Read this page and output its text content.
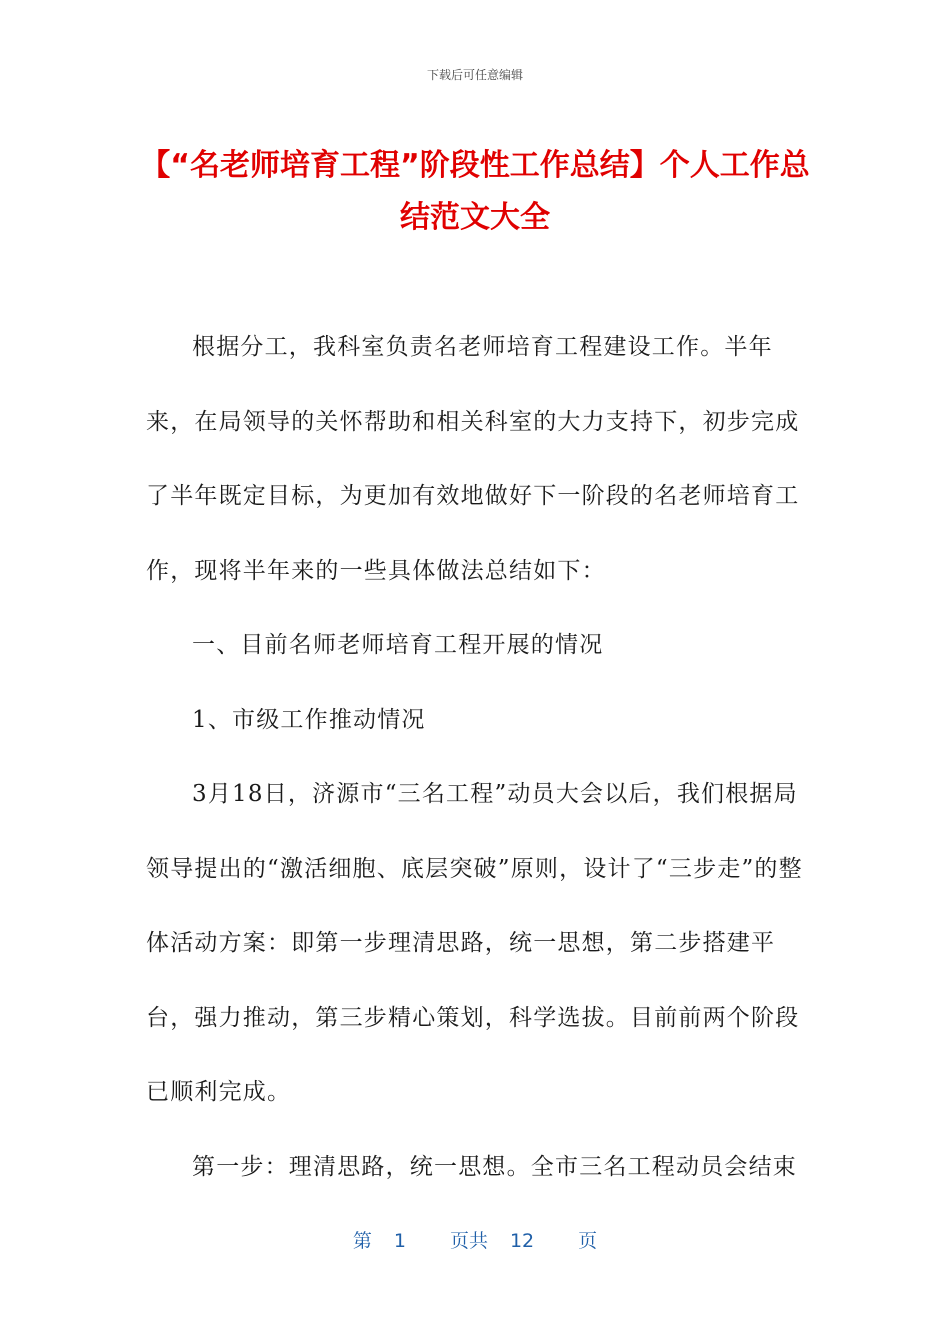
下载后可任意编辑
【“名老师培育工程”阶段性工作总结】个人工作总结范文大全

根据分工，我科室负责名老师培育工程建设工作。半年来，在局领导的关怀帮助和相关科室的大力支持下，初步完成了半年既定目标，为更加有效地做好下一阶段的名老师培育工作，现将半年来的一些具体做法总结如下：

一、目前名师老师培育工程开展的情况

1、市级工作推动情况

3月18日，济源市“三名工程”动员大会以后，我们根据局领导提出的“激活细胞、底层突破”原则，设计了“三步走”的整体活动方案：即第一步理清思路，统一思想，第二步搭建平台，强力推动，第三步精心策划，科学选拔。目前前两个阶段已顺利完成。

第一步：理清思路，统一思想。全市三名工程动员会结束

第 1 页共 12 页
